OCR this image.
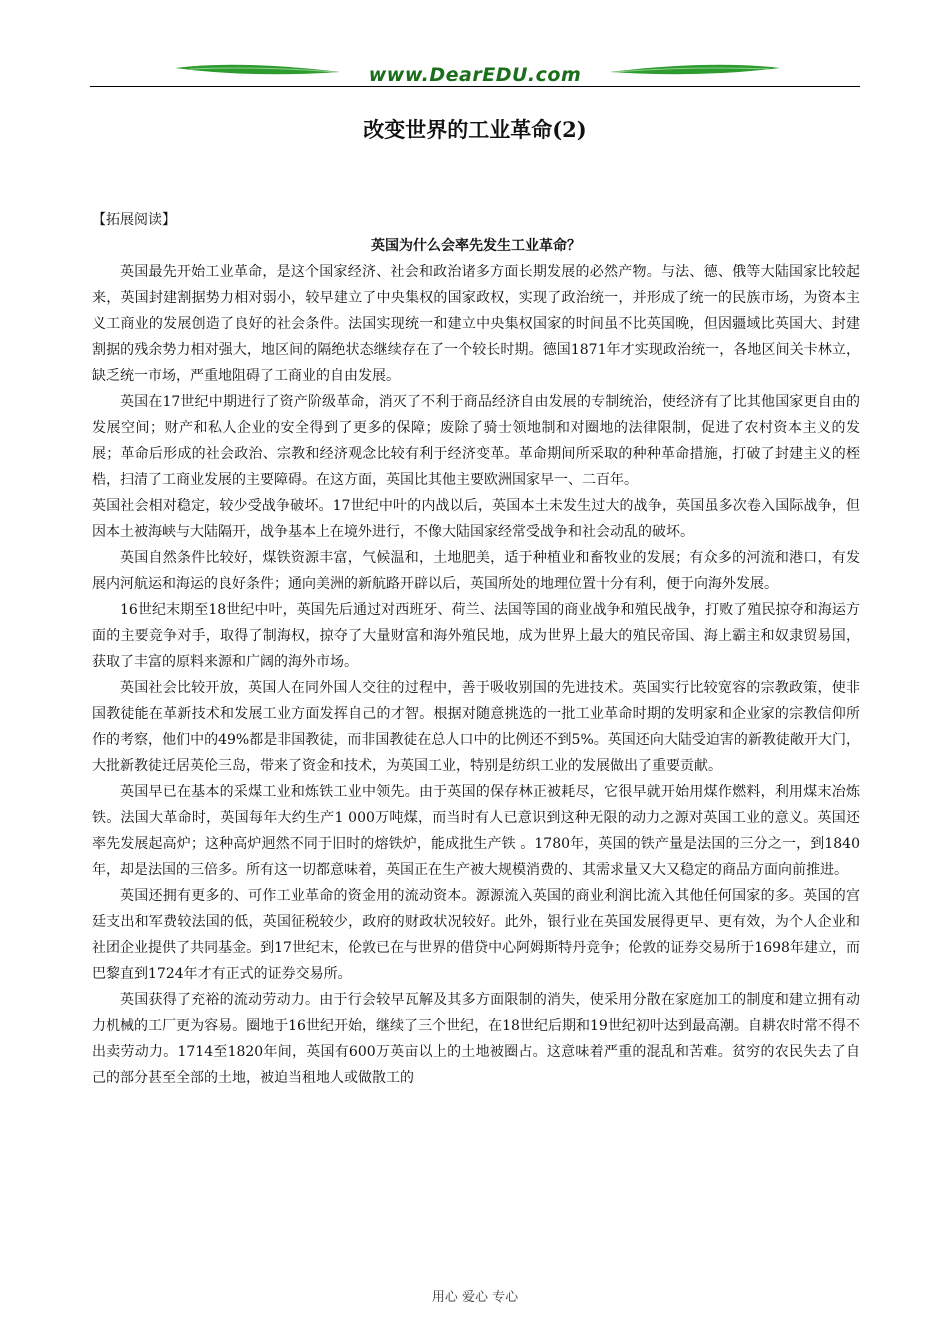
www.DearEDU.com
改变世界的工业革命(2)

【拓展阅读】

英国为什么会率先发生工业革命？

英国最先开始工业革命，是这个国家经济、社会和政治诸多方面长期发展的必然产物。与法、德、俄等大陆国家比较起来，英国封建割据势力相对弱小，较早建立了中央集权的国家政权，实现了政治统一，并形成了统一的民族市场，为资本主义工商业的发展创造了良好的社会条件。法国实现统一和建立中央集权国家的时间虽不比英国晚，但因疆域比英国大、封建割据的残余势力相对强大，地区间的隔绝状态继续存在了一个较长时期。德国1871年才实现政治统一，各地区间关卡林立，缺乏统一市场，严重地阻碍了工商业的自由发展。

英国在17世纪中期进行了资产阶级革命，消灭了不利于商品经济自由发展的专制统治，使经济有了比其他国家更自由的发展空间；财产和私人企业的安全得到了更多的保障；废除了骑士领地制和对圈地的法律限制，促进了农村资本主义的发展；革命后形成的社会政治、宗教和经济观念比较有利于经济变革。革命期间所采取的种种革命措施，打破了封建主义的桎梏，扫清了工商业发展的主要障碍。在这方面，英国比其他主要欧洲国家早一、二百年。

英国社会相对稳定，较少受战争破坏。17世纪中叶的内战以后，英国本土未发生过大的战争，英国虽多次卷入国际战争，但因本土被海峡与大陆隔开，战争基本上在境外进行，不像大陆国家经常受战争和社会动乱的破坏。

英国自然条件比较好，煤铁资源丰富，气候温和，土地肥美，适于种植业和畜牧业的发展；有众多的河流和港口，有发展内河航运和海运的良好条件；通向美洲的新航路开辟以后，英国所处的地理位置十分有利，便于向海外发展。

16世纪末期至18世纪中叶，英国先后通过对西班牙、荷兰、法国等国的商业战争和殖民战争，打败了殖民掠夺和海运方面的主要竞争对手，取得了制海权，掠夺了大量财富和海外殖民地，成为世界上最大的殖民帝国、海上霸主和奴隶贸易国，获取了丰富的原料来源和广阔的海外市场。

英国社会比较开放，英国人在同外国人交往的过程中，善于吸收别国的先进技术。英国实行比较宽容的宗教政策，使非国教徒能在革新技术和发展工业方面发挥自己的才智。根据对随意挑选的一批工业革命时期的发明家和企业家的宗教信仰所作的考察，他们中的49%都是非国教徒，而非国教徒在总人口中的比例还不到5%。英国还向大陆受迫害的新教徒敞开大门，大批新教徒迁居英伦三岛，带来了资金和技术，为英国工业，特别是纺织工业的发展做出了重要贡献。

英国早已在基本的采煤工业和炼铁工业中领先。由于英国的保存林正被耗尽，它很早就开始用煤作燃料，利用煤末冶炼铁。法国大革命时，英国每年大约生产1 000万吨煤，而当时有人已意识到这种无限的动力之源对英国工业的意义。英国还率先发展起高炉；这种高炉迥然不同于旧时的熔铁炉，能成批生产铁 。1780年，英国的铁产量是法国的三分之一，到1840年，却是法国的三倍多。所有这一切都意味着，英国正在生产被大规模消费的、其需求量又大又稳定的商品方面向前推进。

英国还拥有更多的、可作工业革命的资金用的流动资本。源源流入英国的商业利润比流入其他任何国家的多。英国的宫廷支出和军费较法国的低，英国征税较少，政府的财政状况较好。此外，银行业在英国发展得更早、更有效，为个人企业和社团企业提供了共同基金。到17世纪末，伦敦已在与世界的借贷中心阿姆斯特丹竞争；伦敦的证券交易所于1698年建立，而巴黎直到1724年才有正式的证券交易所。

英国获得了充裕的流动劳动力。由于行会较早瓦解及其多方面限制的消失，使采用分散在家庭加工的制度和建立拥有动力机械的工厂更为容易。圈地于16世纪开始，继续了三个世纪，在18世纪后期和19世纪初叶达到最高潮。自耕农时常不得不出卖劳动力。1714至1820年间，英国有600万英亩以上的土地被圈占。这意味着严重的混乱和苦难。贫穷的农民失去了自己的部分甚至全部的土地，被迫当租地人或做散工的

用心 爱心 专心
